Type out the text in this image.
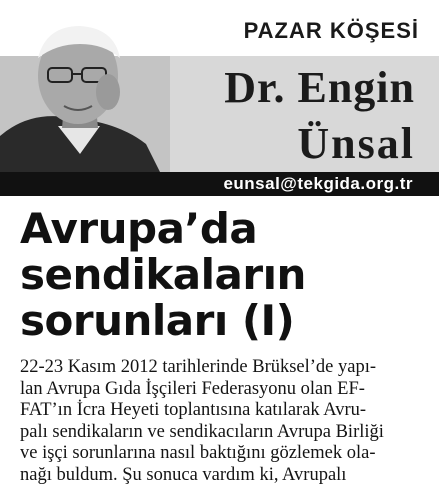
PAZAR KÖŞESİ
Dr. Engin
Ünsal
eunsal@tekgida.org.tr
Avrupa’da
sendikaların
sorunları (I)
22-23 Kasım 2012 tarihlerinde Brüksel’de yapı-
lan Avrupa Gıda İşçileri Federasyonu olan EF-
FAT’ın İcra Heyeti toplantısına katılarak Avru-
palı sendikaların ve sendikacıların Avrupa Birliği
ve işçi sorunlarına nasıl baktığını gözlemek ola-
nağı buldum. Şu sonuca vardım ki, Avrupalı
